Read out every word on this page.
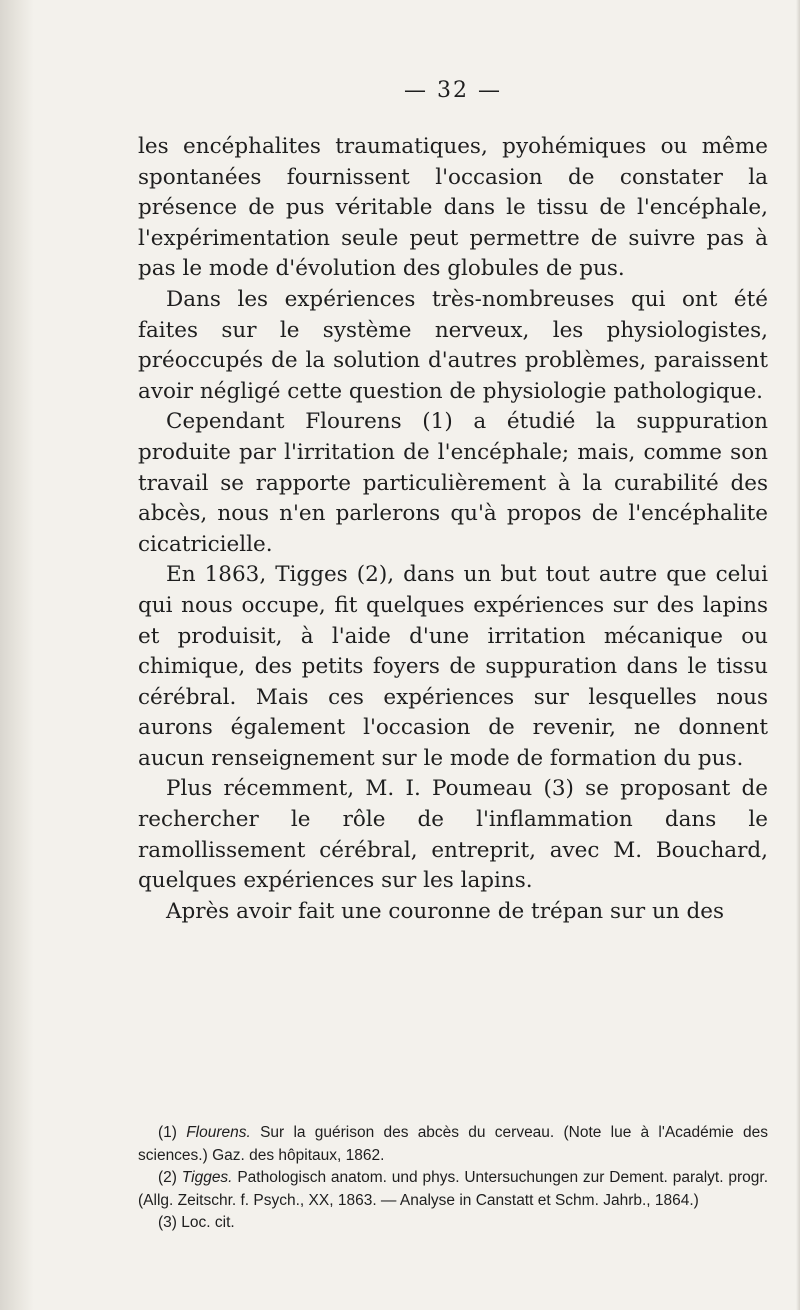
— 32 —

les encéphalites traumatiques, pyohémiques ou même spontanées fournissent l'occasion de constater la présence de pus véritable dans le tissu de l'encéphale, l'expérimentation seule peut permettre de suivre pas à pas le mode d'évolution des globules de pus.

Dans les expériences très-nombreuses qui ont été faites sur le système nerveux, les physiologistes, préoccupés de la solution d'autres problèmes, paraissent avoir négligé cette question de physiologie pathologique.

Cependant Flourens (1) a étudié la suppuration produite par l'irritation de l'encéphale; mais, comme son travail se rapporte particulièrement à la curabilité des abcès, nous n'en parlerons qu'à propos de l'encéphalite cicatricielle.

En 1863, Tigges (2), dans un but tout autre que celui qui nous occupe, fit quelques expériences sur des lapins et produisit, à l'aide d'une irritation mécanique ou chimique, des petits foyers de suppuration dans le tissu cérébral. Mais ces expériences sur lesquelles nous aurons également l'occasion de revenir, ne donnent aucun renseignement sur le mode de formation du pus.

Plus récemment, M. I. Poumeau (3) se proposant de rechercher le rôle de l'inflammation dans le ramollissement cérébral, entreprit, avec M. Bouchard, quelques expériences sur les lapins.

Après avoir fait une couronne de trépan sur un des

(1) Flourens. Sur la guérison des abcès du cerveau. (Note lue à l'Académie des sciences.) Gaz. des hôpitaux, 1862.

(2) Tigges. Pathologisch anatom. und phys. Untersuchungen zur Dement. paralyt. progr. (Allg. Zeitschr. f. Psych., XX, 1863. — Analyse in Canstatt et Schm. Jahrb., 1864.)

(3) Loc. cit.
